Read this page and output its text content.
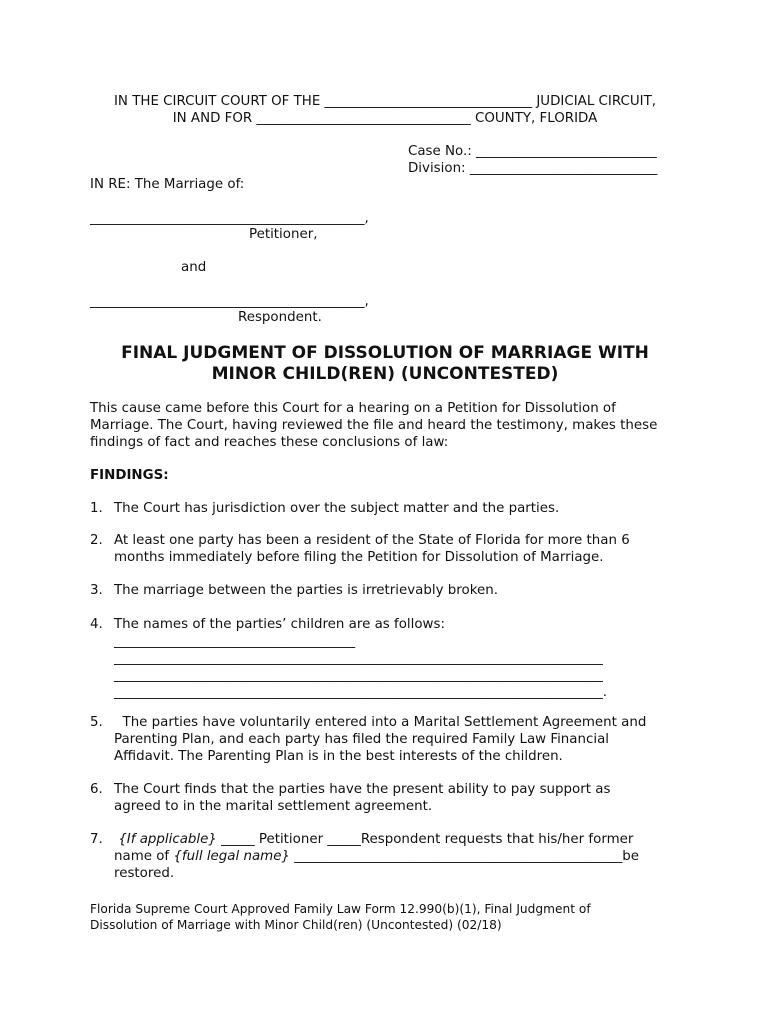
IN THE CIRCUIT COURT OF THE _______________________________ JUDICIAL CIRCUIT,
IN AND FOR ________________________________ COUNTY, FLORIDA
Case No.: ___________________________
Division: ____________________________
IN RE: The Marriage of:
_________________________________________,
Petitioner,
and
_________________________________________,
Respondent.
FINAL JUDGMENT OF DISSOLUTION OF MARRIAGE WITH
MINOR CHILD(REN) (UNCONTESTED)
This cause came before this Court for a hearing on a Petition for Dissolution of
Marriage. The Court, having reviewed the file and heard the testimony, makes these
findings of fact and reaches these conclusions of law:
FINDINGS:
1. The Court has jurisdiction over the subject matter and the parties.
2. At least one party has been a resident of the State of Florida for more than 6
months immediately before filing the Petition for Dissolution of Marriage.
3. The marriage between the parties is irretrievably broken.
4. The names of the parties’ children are as follows:
____________________________________
_________________________________________________________________________
_________________________________________________________________________
_________________________________________________________________________.
5. The parties have voluntarily entered into a Marital Settlement Agreement and
Parenting Plan, and each party has filed the required Family Law Financial
Affidavit. The Parenting Plan is in the best interests of the children.
6. The Court finds that the parties have the present ability to pay support as
agreed to in the marital settlement agreement.
7. {If applicable} _____ Petitioner _____Respondent requests that his/her former
name of {full legal name} _________________________________________________be
restored.
Florida Supreme Court Approved Family Law Form 12.990(b)(1), Final Judgment of
Dissolution of Marriage with Minor Child(ren) (Uncontested) (02/18)
